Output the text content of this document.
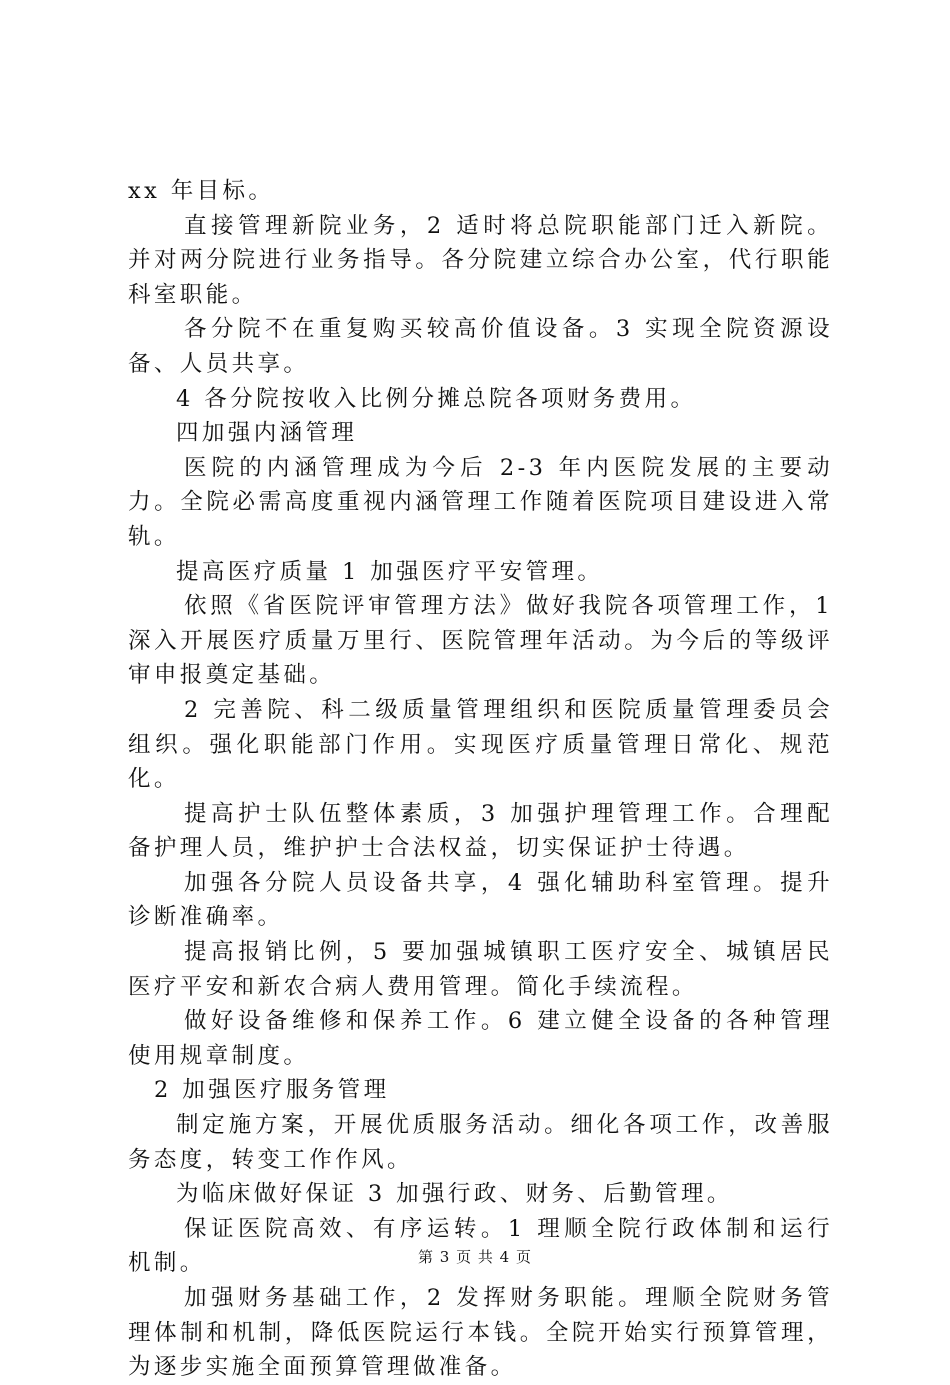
xx 年目标。

直接管理新院业务，2 适时将总院职能部门迁入新院。并对两分院进行业务指导。各分院建立综合办公室，代行职能科室职能。

各分院不在重复购买较高价值设备。3 实现全院资源设备、人员共享。

4 各分院按收入比例分摊总院各项财务费用。

四加强内涵管理

医院的内涵管理成为今后 2-3 年内医院发展的主要动力。全院必需高度重视内涵管理工作随着医院项目建设进入常轨。

提高医疗质量 1 加强医疗平安管理。

依照《省医院评审管理方法》做好我院各项管理工作，1 深入开展医疗质量万里行、医院管理年活动。为今后的等级评审申报奠定基础。

2 完善院、科二级质量管理组织和医院质量管理委员会组织。强化职能部门作用。实现医疗质量管理日常化、规范化。

提高护士队伍整体素质，3 加强护理管理工作。合理配备护理人员，维护护士合法权益，切实保证护士待遇。

加强各分院人员设备共享，4 强化辅助科室管理。提升诊断准确率。

提高报销比例，5 要加强城镇职工医疗安全、城镇居民医疗平安和新农合病人费用管理。简化手续流程。

做好设备维修和保养工作。6 建立健全设备的各种管理使用规章制度。

2 加强医疗服务管理

制定施方案，开展优质服务活动。细化各项工作，改善服务态度，转变工作作风。

为临床做好保证 3 加强行政、财务、后勤管理。

保证医院高效、有序运转。1 理顺全院行政体制和运行机制。

加强财务基础工作，2 发挥财务职能。理顺全院财务管理体制和机制，降低医院运行本钱。全院开始实行预算管理，为逐步实施全面预算管理做准备。

第 3 页 共 4 页
